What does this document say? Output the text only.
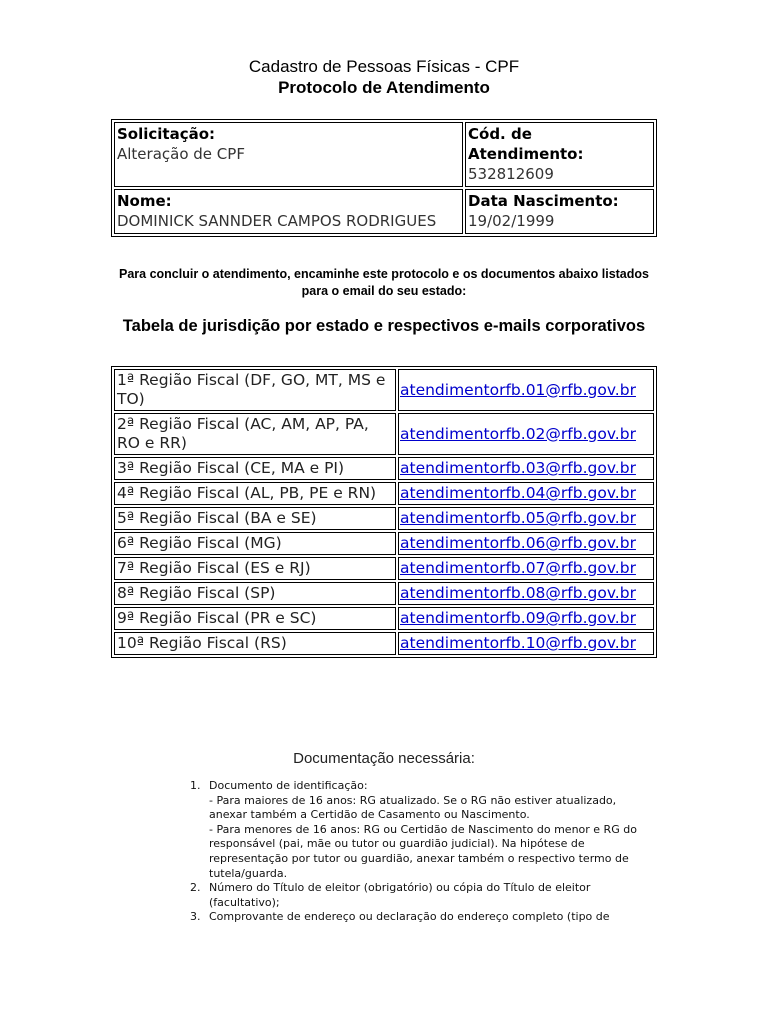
Cadastro de Pessoas Físicas - CPF
Protocolo de Atendimento
Solicitação:
Alteração de CPF	Cód. de Atendimento:
532812609

Nome:
DOMINICK SANNDER CAMPOS RODRIGUES	Data Nascimento:
19/02/1999
Para concluir o atendimento, encaminhe este protocolo e os documentos abaixo listados para o email do seu estado:
Tabela de jurisdição por estado e respectivos e-mails corporativos
1ª Região Fiscal (DF, GO, MT, MS e TO)	atendimentorfb.01@rfb.gov.br
2ª Região Fiscal (AC, AM, AP, PA, RO e RR)	atendimentorfb.02@rfb.gov.br
3ª Região Fiscal (CE, MA e PI)	atendimentorfb.03@rfb.gov.br
4ª Região Fiscal (AL, PB, PE e RN)	atendimentorfb.04@rfb.gov.br
5ª Região Fiscal (BA e SE)	atendimentorfb.05@rfb.gov.br
6ª Região Fiscal (MG)	atendimentorfb.06@rfb.gov.br
7ª Região Fiscal (ES e RJ)	atendimentorfb.07@rfb.gov.br
8ª Região Fiscal (SP)	atendimentorfb.08@rfb.gov.br
9ª Região Fiscal (PR e SC)	atendimentorfb.09@rfb.gov.br
10ª Região Fiscal (RS)	atendimentorfb.10@rfb.gov.br
Documentação necessária:
1. Documento de identificação:
- Para maiores de 16 anos: RG atualizado. Se o RG não estiver atualizado,
anexar também a Certidão de Casamento ou Nascimento.
- Para menores de 16 anos: RG ou Certidão de Nascimento do menor e RG do
responsável (pai, mãe ou tutor ou guardião judicial). Na hipótese de
representação por tutor ou guardião, anexar também o respectivo termo de
tutela/guarda.
2. Número do Título de eleitor (obrigatório) ou cópia do Título de eleitor
(facultativo);
3. Comprovante de endereço ou declaração do endereço completo (tipo de
